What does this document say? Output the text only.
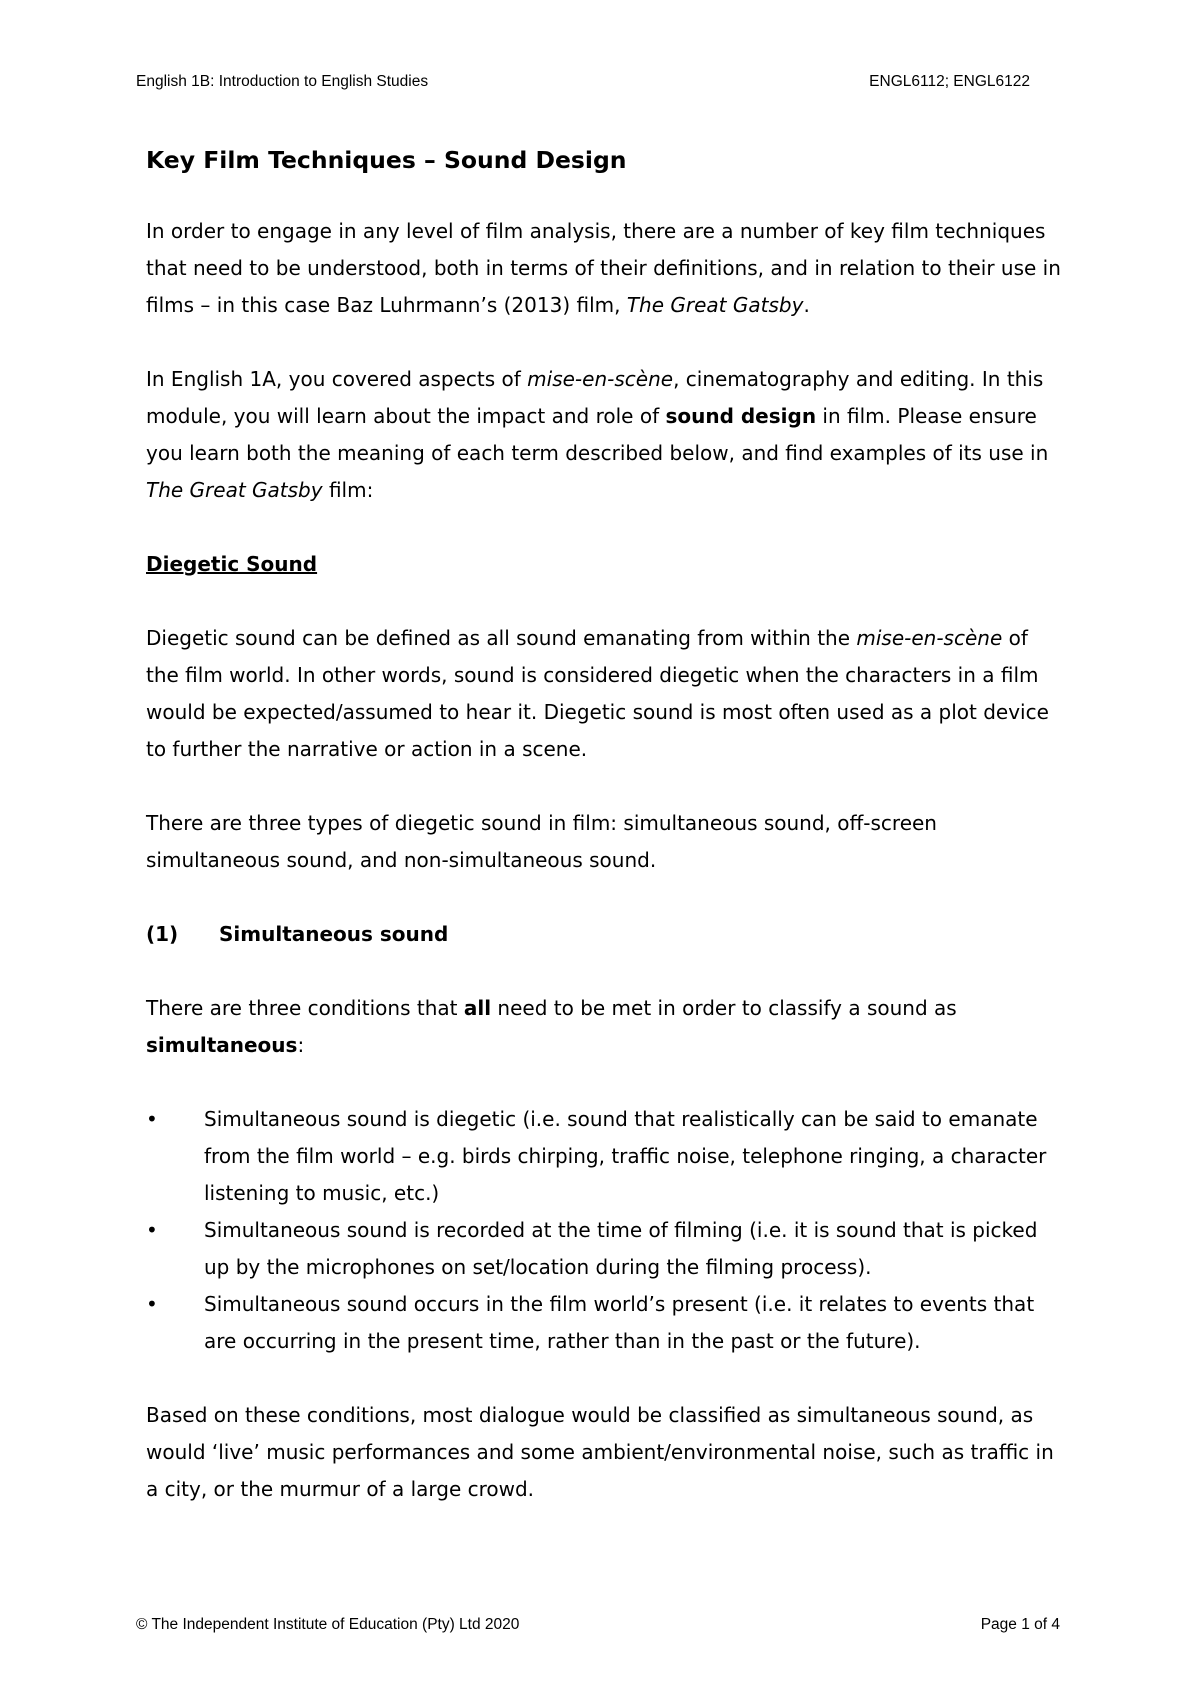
English 1B: Introduction to English Studies	ENGL6112; ENGL6122
Key Film Techniques – Sound Design

In order to engage in any level of film analysis, there are a number of key film techniques that need to be understood, both in terms of their definitions, and in relation to their use in films – in this case Baz Luhrmann’s (2013) film, The Great Gatsby.

In English 1A, you covered aspects of mise-en-scène, cinematography and editing. In this module, you will learn about the impact and role of sound design in film. Please ensure you learn both the meaning of each term described below, and find examples of its use in The Great Gatsby film:

Diegetic Sound

Diegetic sound can be defined as all sound emanating from within the mise-en-scène of the film world. In other words, sound is considered diegetic when the characters in a film would be expected/assumed to hear it. Diegetic sound is most often used as a plot device to further the narrative or action in a scene.

There are three types of diegetic sound in film: simultaneous sound, off-screen simultaneous sound, and non-simultaneous sound.

(1)	Simultaneous sound

There are three conditions that all need to be met in order to classify a sound as simultaneous:

•
Simultaneous sound is diegetic (i.e. sound that realistically can be said to emanate from the film world – e.g. birds chirping, traffic noise, telephone ringing, a character listening to music, etc.)
•
Simultaneous sound is recorded at the time of filming (i.e. it is sound that is picked up by the microphones on set/location during the filming process).
•
Simultaneous sound occurs in the film world’s present (i.e. it relates to events that are occurring in the present time, rather than in the past or the future).

Based on these conditions, most dialogue would be classified as simultaneous sound, as would ‘live’ music performances and some ambient/environmental noise, such as traffic in a city, or the murmur of a large crowd.

© The Independent Institute of Education (Pty) Ltd 2020	Page 1 of 4
